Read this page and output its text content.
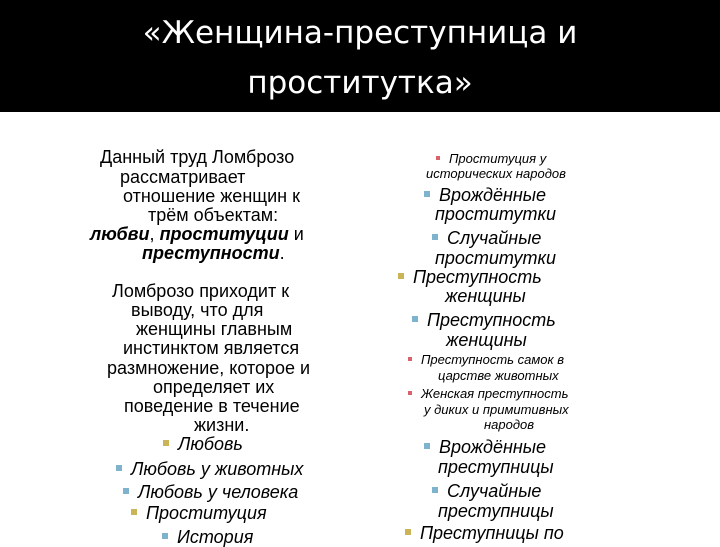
«Женщина-преступница и
проститутка»
Данный труд Ломброзо
рассматривает
отношение женщин к
трём объектам:
любви, проституции и
преступности.
Ломброзо приходит к
выводу, что для
женщины главным
инстинктом является
размножение, которое и
определяет их
поведение в течение
жизни.
Любовь
Любовь у животных
Любовь у человека
Проституция
История
Проституция у
исторических народов
Врождённые
проститутки
Случайные
проститутки
Преступность
женщины
Преступность
женщины
Преступность самок в
царстве животных
Женская преступность
у диких и примитивных
народов
Врождённые
преступницы
Случайные
преступницы
Преступницы по
